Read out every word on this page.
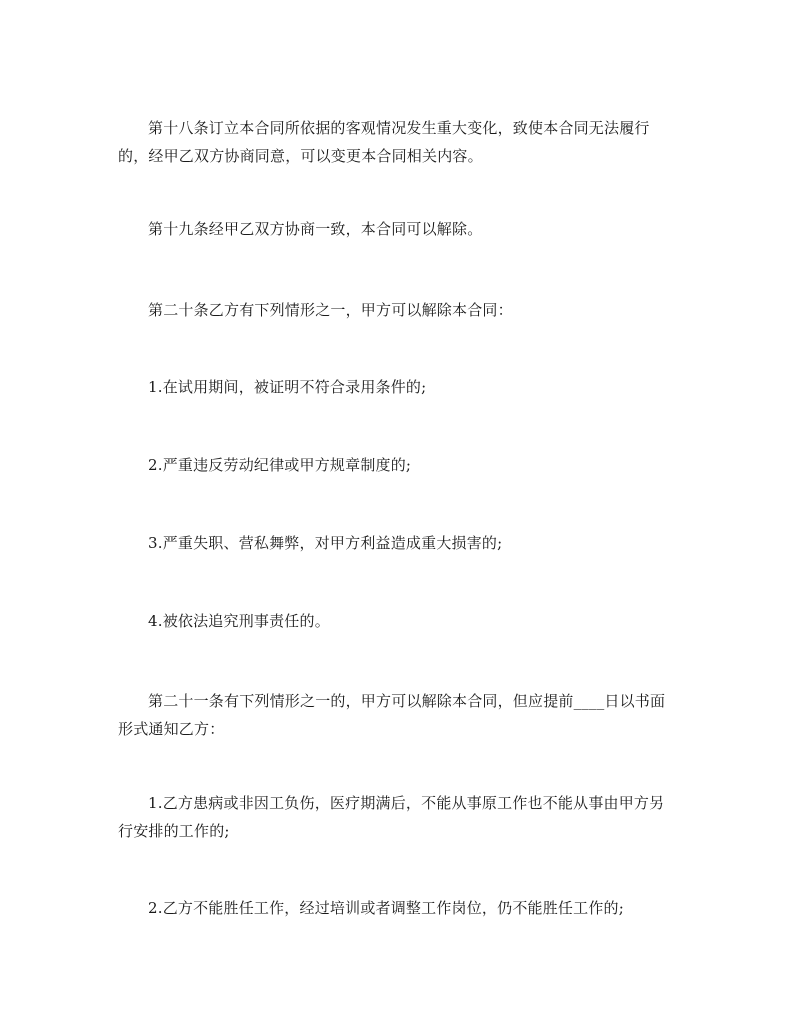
第十八条订立本合同所依据的客观情况发生重大变化，致使本合同无法履行的，经甲乙双方协商同意，可以变更本合同相关内容。

第十九条经甲乙双方协商一致，本合同可以解除。

第二十条乙方有下列情形之一，甲方可以解除本合同：

1.在试用期间，被证明不符合录用条件的;

2.严重违反劳动纪律或甲方规章制度的;

3.严重失职、营私舞弊，对甲方利益造成重大损害的;

4.被依法追究刑事责任的。

第二十一条有下列情形之一的，甲方可以解除本合同，但应提前____日以书面形式通知乙方：

1.乙方患病或非因工负伤，医疗期满后，不能从事原工作也不能从事由甲方另行安排的工作的;

2.乙方不能胜任工作，经过培训或者调整工作岗位，仍不能胜任工作的;
